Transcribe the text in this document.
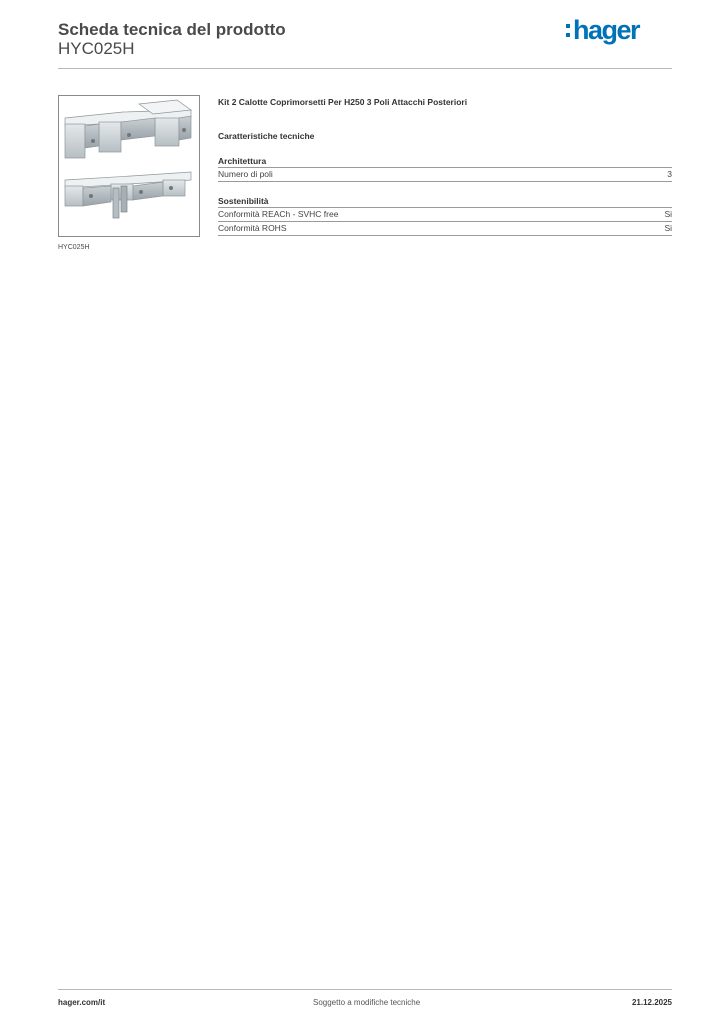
Scheda tecnica del prodotto
HYC025H
hager
HYC025H
Kit 2 Calotte Coprimorsetti Per H250 3 Poli Attacchi Posteriori
Caratteristiche tecniche
Architettura
Numero di poli	3
Sostenibilità
Conformità REACh - SVHC free	Si
Conformità ROHS	Si
hager.com/it	Soggetto a modifiche tecniche	21.12.2025
